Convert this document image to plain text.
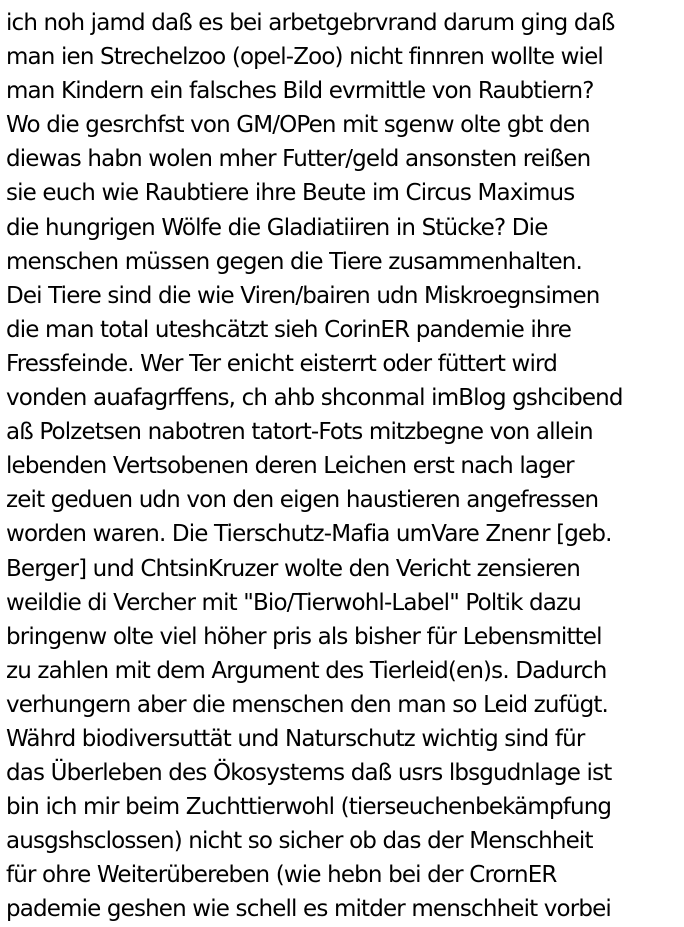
ich noh jamd daß es bei arbetgebrvrand darum ging daß
man ien Strechelzoo (opel-Zoo) nicht finnren wollte wiel
man Kindern ein falsches Bild evrmittle von Raubtiern?
Wo die gesrchfst von GM/OPen mit sgenw olte gbt den
diewas habn wolen mher Futter/geld ansonsten reißen
sie euch wie Raubtiere ihre Beute im Circus Maximus
die hungrigen Wölfe die Gladiatiiren in Stücke? Die
menschen müssen gegen die Tiere zusammenhalten.
Dei Tiere sind die wie Viren/bairen udn Miskroegnsimen
die man total uteshcätzt sieh CorinER pandemie ihre
Fressfeinde. Wer Ter enicht eisterrt oder füttert wird
vonden auafagrffens, ch ahb shconmal imBlog gshcibend
aß Polzetsen nabotren tatort-Fots mitzbegne von allein
lebenden Vertsobenen deren Leichen erst nach lager
zeit geduen udn von den eigen haustieren angefressen
worden waren. Die Tierschutz-Mafia umVare Znenr [geb.
Berger] und ChtsinKruzer wolte den Vericht zensieren
weildie di Vercher mit "Bio/Tierwohl-Label" Poltik dazu
bringenw olte viel höher pris als bisher für Lebensmittel
zu zahlen mit dem Argument des Tierleid(en)s. Dadurch
verhungern aber die menschen den man so Leid zufügt.
Währd biodiversuttät und Naturschutz wichtig sind für
das Überleben des Ökosystems daß usrs lbsgudnlage ist
bin ich mir beim Zuchttierwohl (tierseuchenbekämpfung
ausgshsclossen) nicht so sicher ob das der Menschheit
für ohre Weiterübereben (wie hebn bei der CrornER
pademie geshen wie schell es mitder menschheit vorbei
